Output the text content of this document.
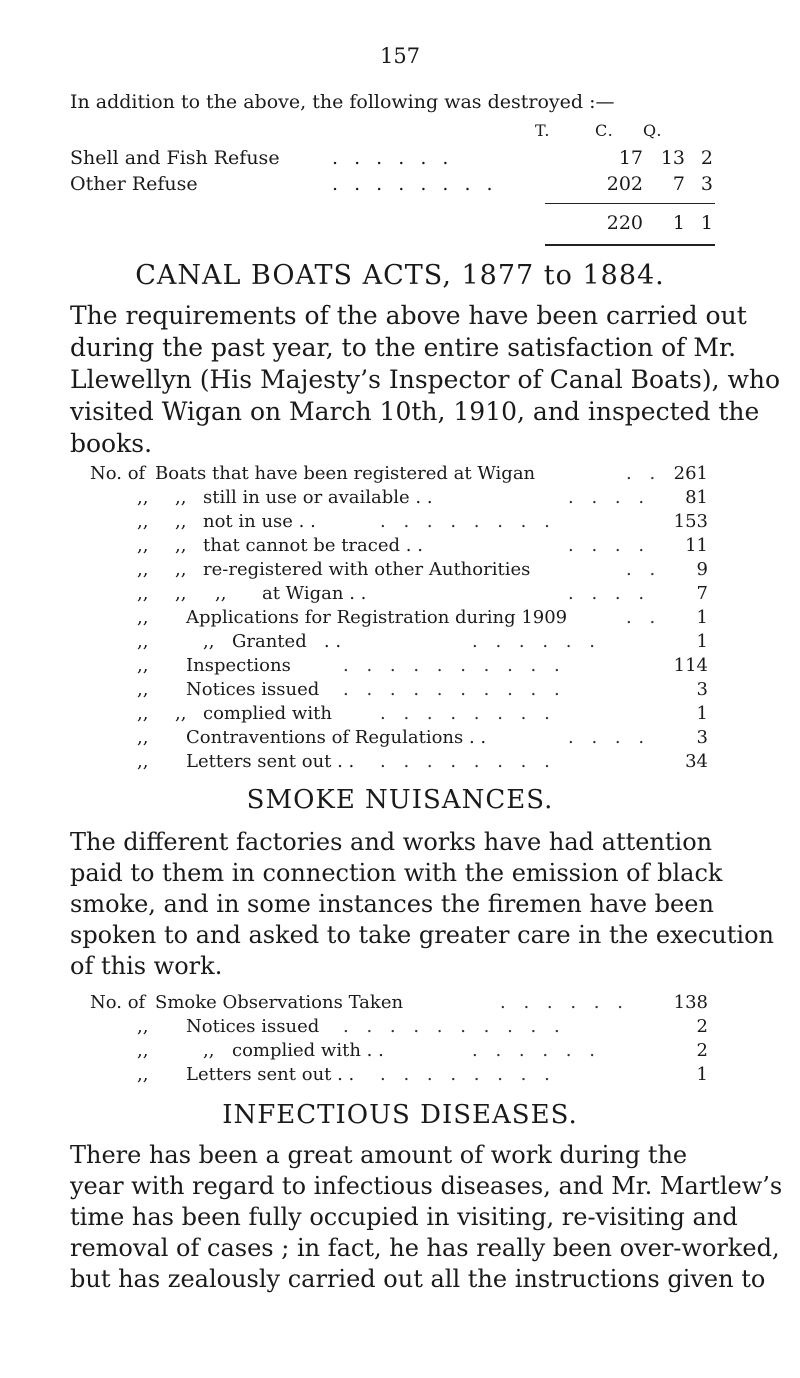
157
In addition to the above, the following was destroyed :—
T.	C. Q.
Shell and Fish Refuse	. . . . . .	17 13 2
Other Refuse	. . . . . . . .	202 7 3
220 1 1
CANAL BOATS ACTS, 1877 to 1884.
The requirements of the above have been carried out
during the past year, to the entire satisfaction of Mr.
Llewellyn (His Majesty’s Inspector of Canal Boats), who
visited Wigan on March 10th, 1910, and inspected the
books.
No. of Boats that have been registered at Wigan	. . 261
,, ,, still in use or available . .	. . . . 81
,, ,, not in use . .	. . . . . . . .	153
,, ,, that cannot be traced . .	. . . . 11
,, ,, re-registered with other Authorities	. . 9
,, ,,     ,, at Wigan . .	. . . .	7
,, Applications for Registration during 1909	. . 1
,,	,, Granted   . .	. . . . . .	1
,, Inspections	. . . . . . . . . .	114
,, Notices issued . . . . . . . . . .	3
,, ,, complied with	. . . . . . . .	1
,, Contraventions of Regulations . .	. . . .	3
,, Letters sent out . . . . . . . . . .	34
SMOKE NUISANCES.
The different factories and works have had attention
paid to them in connection with the emission of black
smoke, and in some instances the firemen have been
spoken to and asked to take greater care in the execution
of this work.
No. of Smoke Observations Taken	. . . . . . 138
,, Notices issued . . . . . . . . . .	2
,,	,, complied with . .	. . . . . .	2
,, Letters sent out . . . . . . . . . .	1
INFECTIOUS DISEASES.
There has been a great amount of work during the
year with regard to infectious diseases, and Mr. Martlew’s
time has been fully occupied in visiting, re-visiting and
removal of cases ; in fact, he has really been over-worked,
but has zealously carried out all the instructions given to
